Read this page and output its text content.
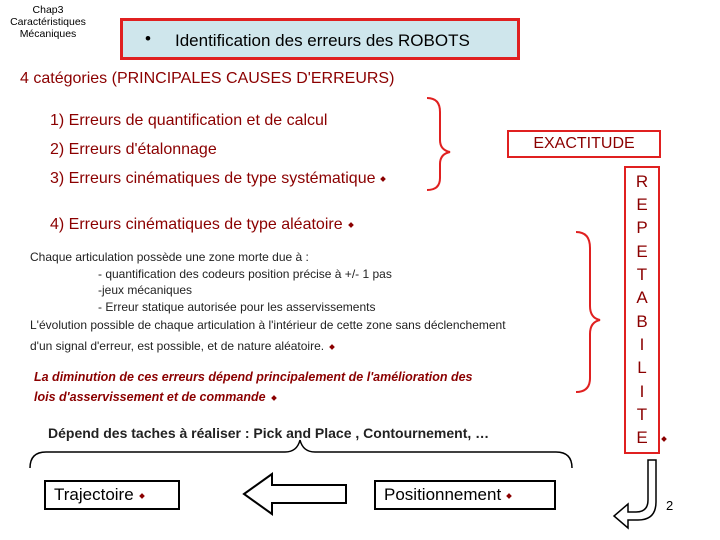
Chap3
Caractéristiques
Mécaniques	• Identification des erreurs des ROBOTS
4 catégories (PRINCIPALES CAUSES D'ERREURS)
1) Erreurs de quantification et de calcul
2) Erreurs d'étalonnage
3) Erreurs cinématiques de type systématique
4) Erreurs cinématiques de type aléatoire
EXACTITUDE
R
E
P
E
T
A
B
I
L
I
T
E
Chaque articulation possède une zone morte due à :
- quantification des codeurs position précise à +/- 1 pas
-jeux mécaniques
- Erreur statique autorisée pour les asservissements
L'évolution possible de chaque articulation à l'intérieur de cette zone sans déclenchement
d'un signal d'erreur, est possible, et de nature aléatoire.
La diminution de ces erreurs dépend principalement de l'amélioration des
lois d'asservissement et de commande
Dépend des taches à réaliser : Pick and Place , Contournement, …
Trajectoire	Positionnement
2
